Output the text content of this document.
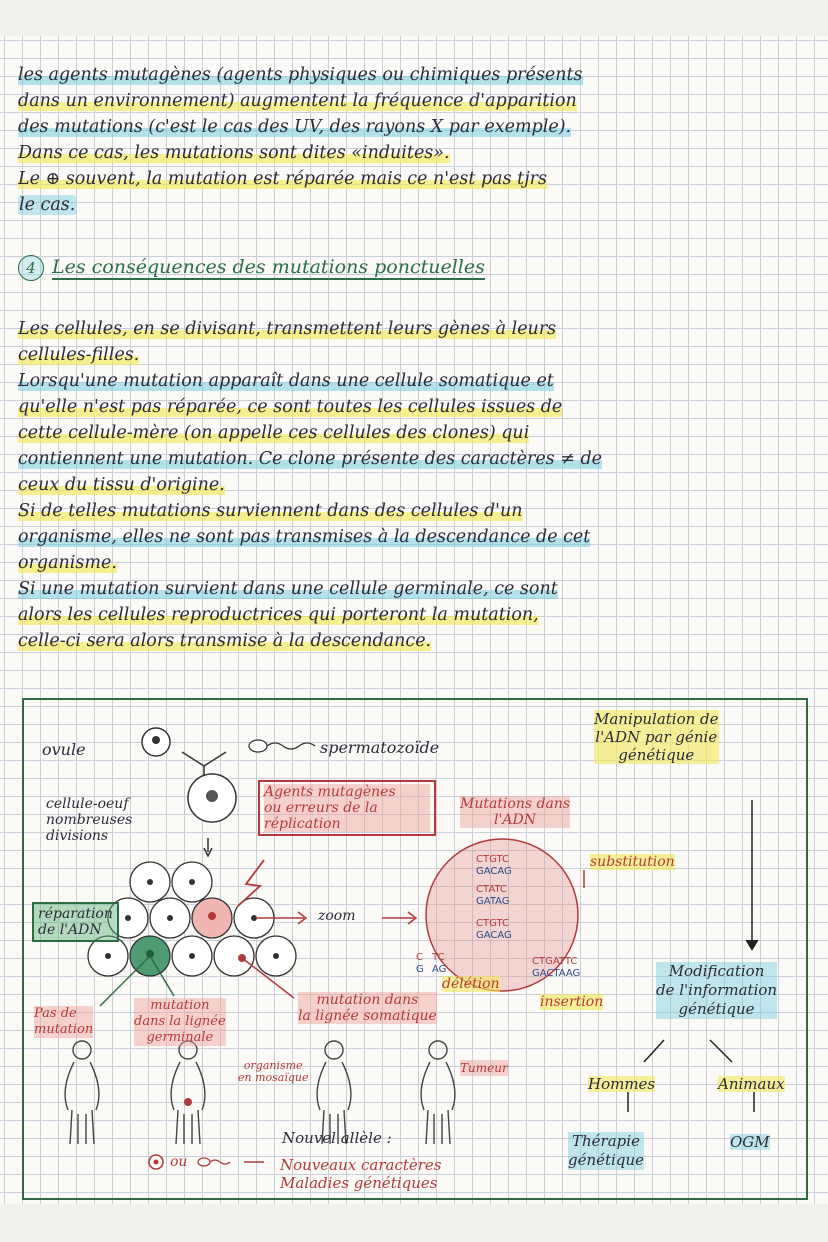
les agents mutagènes (agents physiques ou chimiques présents
dans un environnement) augmentent la fréquence d'apparition
des mutations (c'est le cas des UV, des rayons X par exemple).
Dans ce cas, les mutations sont dites «induites».
Le ⊕ souvent, la mutation est réparée mais ce n'est pas tjrs
le cas.
4 Les conséquences des mutations ponctuelles
Les cellules, en se divisant, transmettent leurs gènes à leurs
cellules-filles.
Lorsqu'une mutation apparaît dans une cellule somatique et
qu'elle n'est pas réparée, ce sont toutes les cellules issues de
cette cellule-mère (on appelle ces cellules des clones) qui
contiennent une mutation. Ce clone présente des caractères ≠ de
ceux du tissu d'origine.
Si de telles mutations surviennent dans des cellules d'un
organisme, elles ne sont pas transmises à la descendance de cet
organisme.
Si une mutation survient dans une cellule germinale, ce sont
alors les cellules reproductrices qui porteront la mutation,
celle-ci sera alors transmise à la descendance.
CTGTC
GACAG
CTATC
GATAG
CTGTC
GACAG
CTGATTC
GACTAAG
C
G
TC
AG
ovule	spermatozoïde
cellule-oeuf
nombreuses
divisions
Agents mutagènes
ou erreurs de la
réplication
Mutations dans
l'ADN
réparation
de l'ADN
zoom
substitution
délétion
insertion
Pas de
mutation
mutation
dans la lignée
germinale
mutation dans
la lignée somatique
organisme
en mosaïque
Tumeur
Nouvel allèle :
ou	Nouveaux caractères
Maladies génétiques
Manipulation de
l'ADN par génie
génétique
Modification
de l'information
génétique
Hommes	Animaux
Thérapie
génétique
OGM
